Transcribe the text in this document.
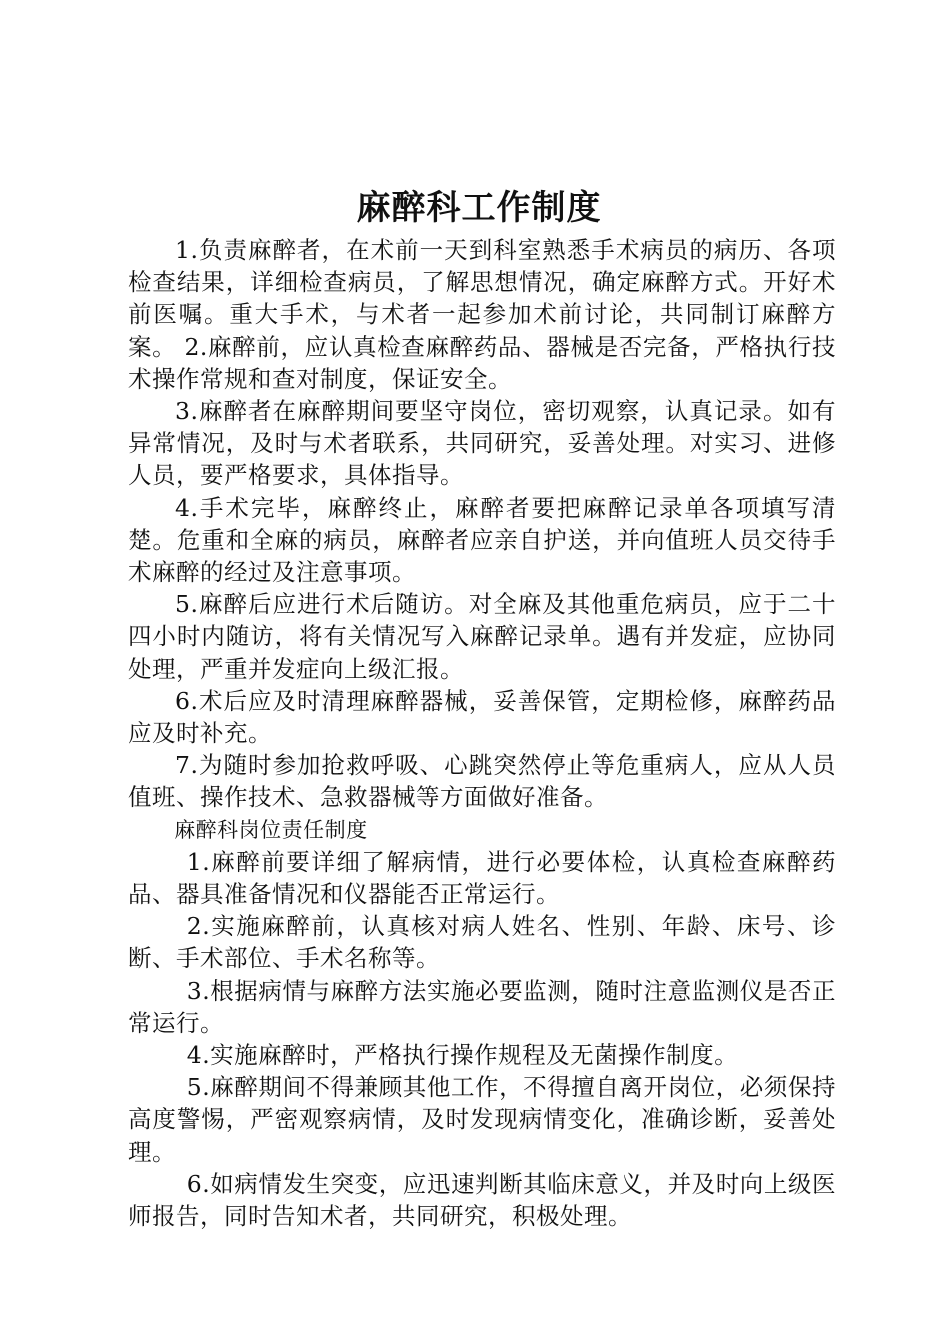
麻醉科工作制度

1.负责麻醉者，在术前一天到科室熟悉手术病员的病历、各项检查结果，详细检查病员，了解思想情况，确定麻醉方式。开好术前医嘱。重大手术，与术者一起参加术前讨论，共同制订麻醉方案。 2.麻醉前，应认真检查麻醉药品、器械是否完备，严格执行技术操作常规和查对制度，保证安全。

3.麻醉者在麻醉期间要坚守岗位，密切观察，认真记录。如有异常情况，及时与术者联系，共同研究，妥善处理。对实习、进修人员，要严格要求，具体指导。

4.手术完毕，麻醉终止，麻醉者要把麻醉记录单各项填写清楚。危重和全麻的病员，麻醉者应亲自护送，并向值班人员交待手术麻醉的经过及注意事项。

5.麻醉后应进行术后随访。对全麻及其他重危病员，应于二十四小时内随访，将有关情况写入麻醉记录单。遇有并发症，应协同处理，严重并发症向上级汇报。

6.术后应及时清理麻醉器械，妥善保管，定期检修，麻醉药品应及时补充。

7.为随时参加抢救呼吸、心跳突然停止等危重病人，应从人员值班、操作技术、急救器械等方面做好准备。

麻醉科岗位责任制度

1.麻醉前要详细了解病情，进行必要体检，认真检查麻醉药品、器具准备情况和仪器能否正常运行。

2.实施麻醉前，认真核对病人姓名、性别、年龄、床号、诊断、手术部位、手术名称等。

3.根据病情与麻醉方法实施必要监测，随时注意监测仪是否正常运行。

4.实施麻醉时，严格执行操作规程及无菌操作制度。

5.麻醉期间不得兼顾其他工作，不得擅自离开岗位，必须保持高度警惕，严密观察病情，及时发现病情变化，准确诊断，妥善处理。

6.如病情发生突变，应迅速判断其临床意义，并及时向上级医师报告，同时告知术者，共同研究，积极处理。
